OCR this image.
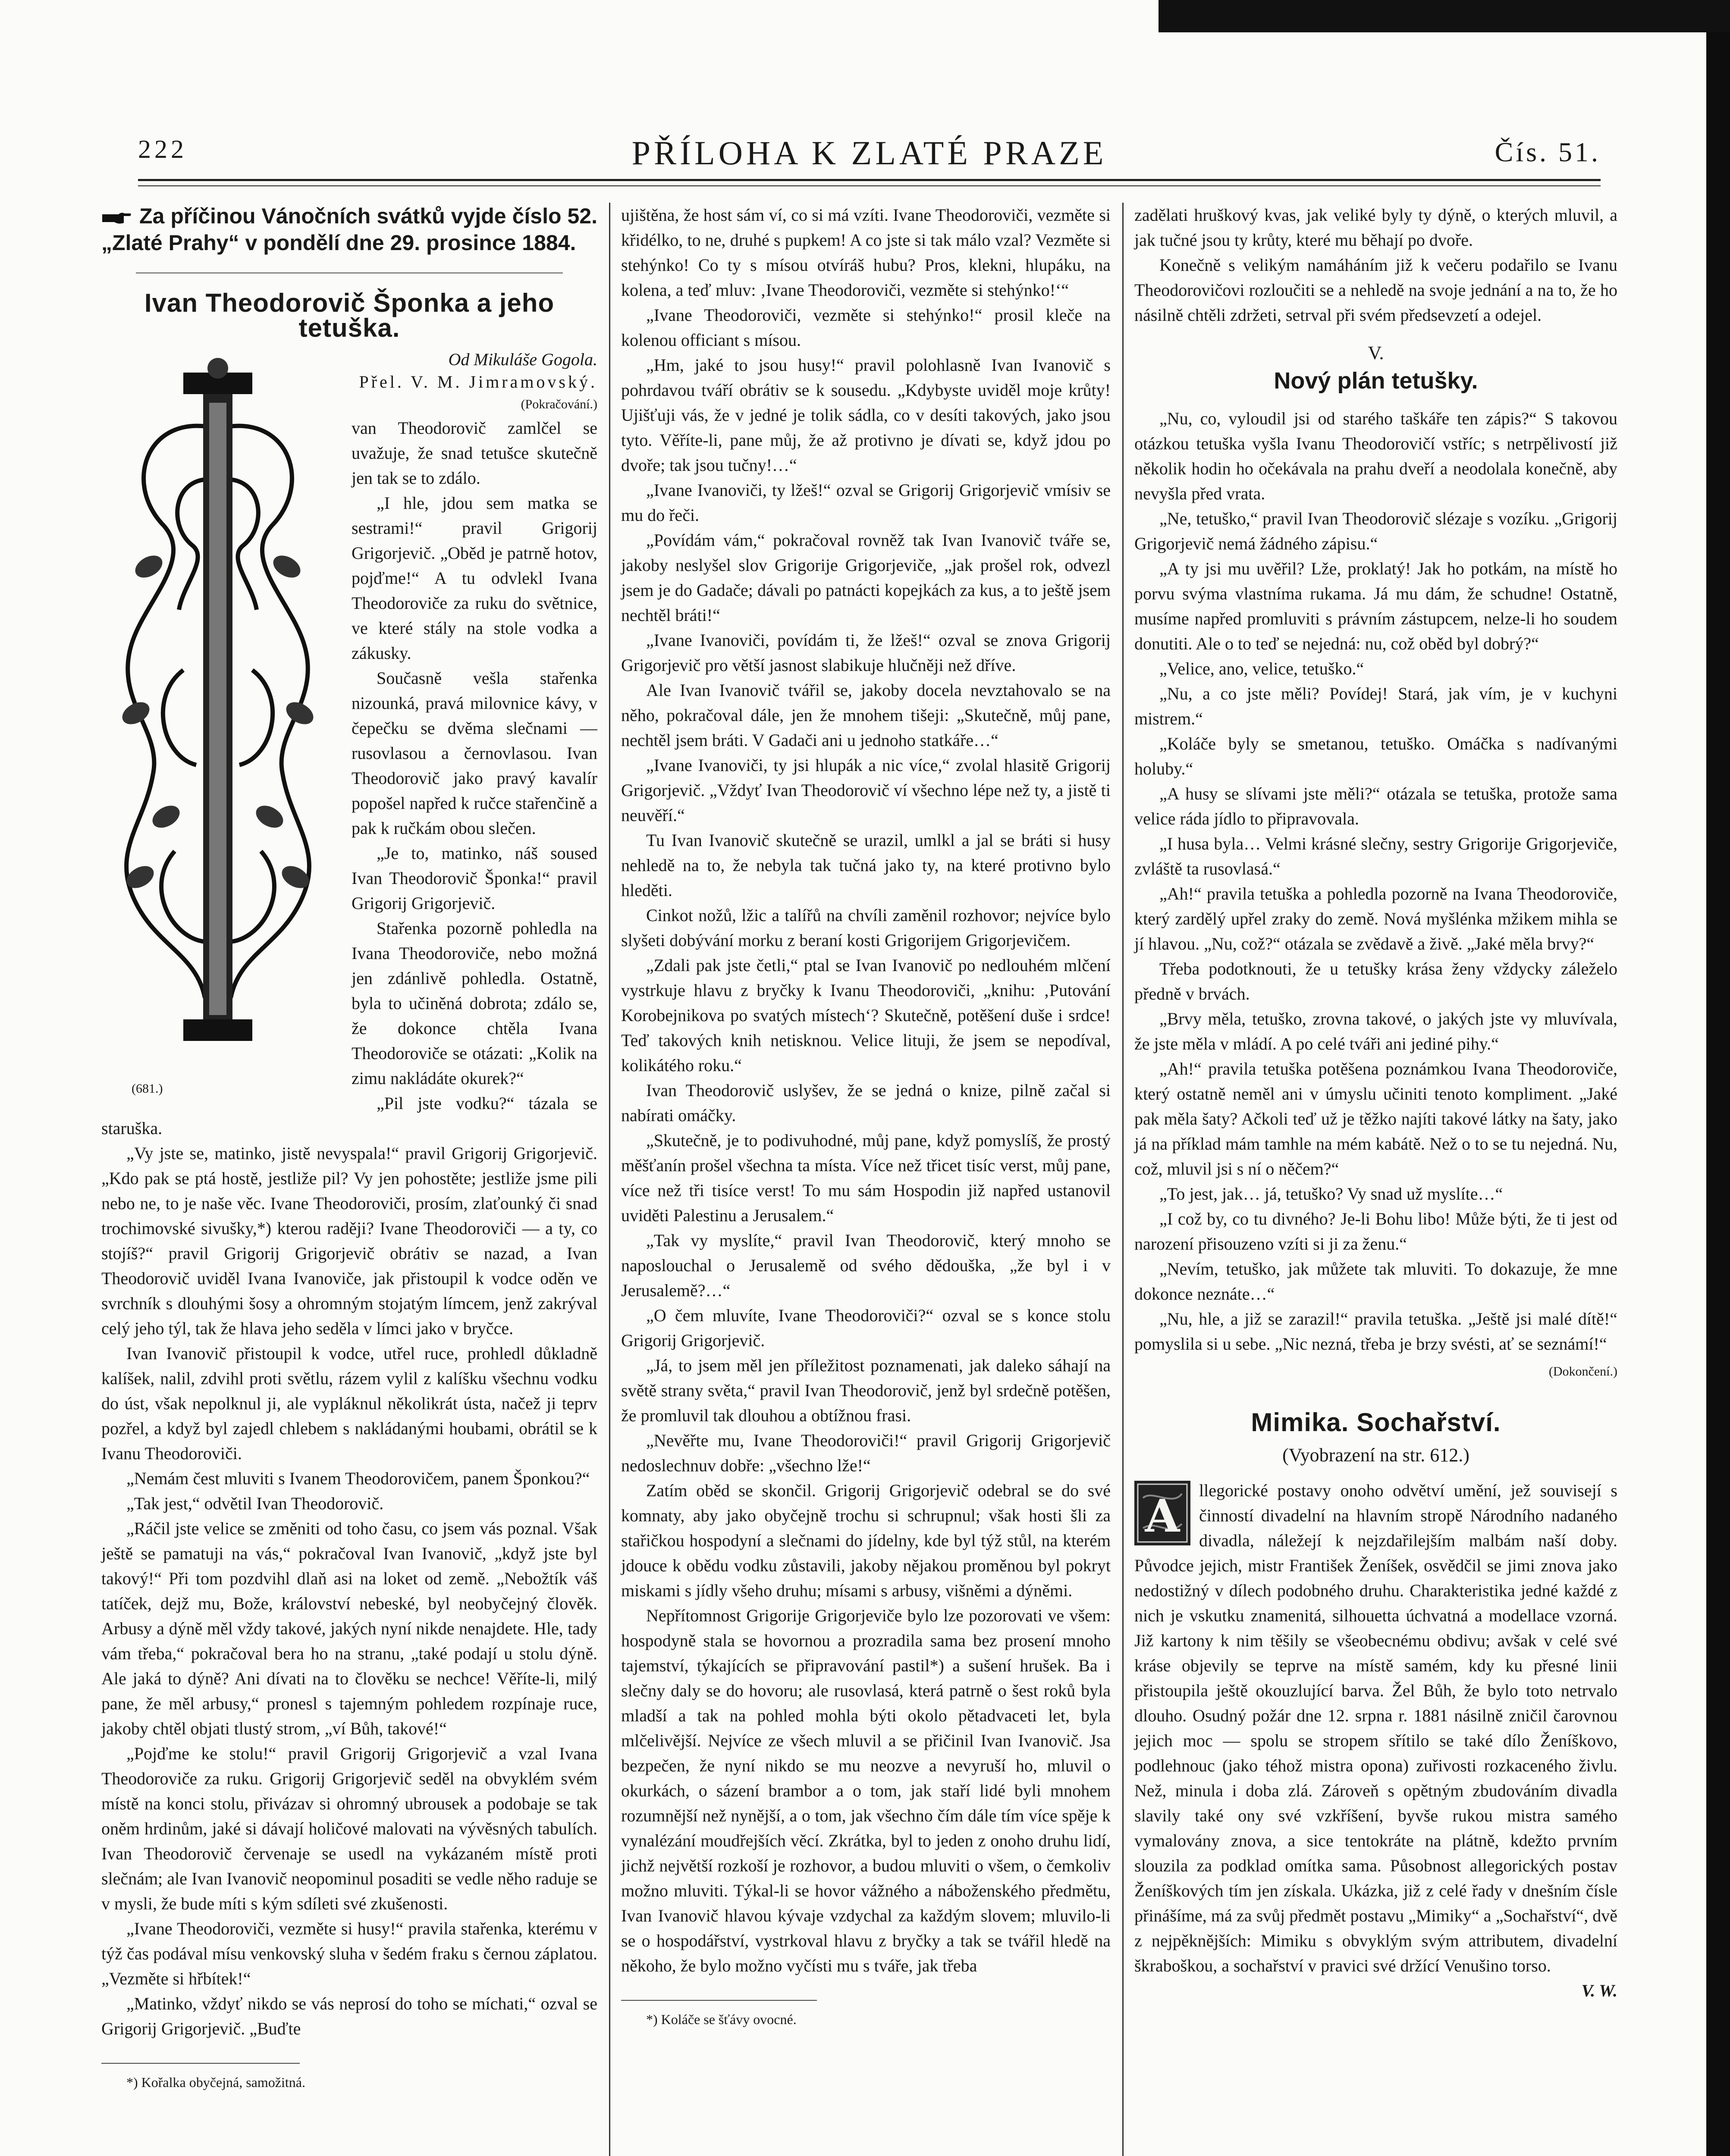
222	PŘÍLOHA K ZLATÉ PRAZE	Čís. 51.
Za příčinou Vánočních svátků vyjde číslo 52. „Zlaté Prahy“ v pondělí dne 29. prosince 1884.
Ivan Theodorovič Šponka a jeho tetuška.
Od Mikuláše Gogola.
Přel. V. M. Jimramovský.
(Pokračování.)
(681.)

van Theodorovič zamlčel se uvažuje, že snad tetušce skutečně jen tak se to zdálo.

„I hle, jdou sem matka se sestrami!“ pravil Grigorij Grigorjevič. „Oběd je patrně hotov, pojďme!“ A tu odvlekl Ivana Theodoroviče za ruku do světnice, ve které stály na stole vodka a zákusky.

Současně vešla stařenka nizounká, pravá milovnice kávy, v čepečku se dvěma slečnami — rusovlasou a černovlasou. Ivan Theodorovič jako pravý kavalír popošel napřed k ručce stařenčině a pak k ručkám obou slečen.

„Je to, matinko, náš soused Ivan Theodorovič Šponka!“ pravil Grigorij Grigorjevič.

Stařenka pozorně pohledla na Ivana Theodoroviče, nebo možná jen zdánlivě pohledla. Ostatně, byla to učiněná dobrota; zdálo se, že dokonce chtěla Ivana Theodoroviče se otázati: „Kolik na zimu nakládáte okurek?“

„Pil jste vodku?“ tázala se staruška.

„Vy jste se, matinko, jistě nevyspala!“ pravil Grigorij Grigorjevič. „Kdo pak se ptá hostě, jestliže pil? Vy jen pohostěte; jestliže jsme pili nebo ne, to je naše věc. Ivane Theodoroviči, prosím, zlaťounký či snad trochimovské sivušky,*) kterou raději? Ivane Theodoroviči — a ty, co stojíš?“ pravil Grigorij Grigorjevič obrátiv se nazad, a Ivan Theodorovič uviděl Ivana Ivanoviče, jak přistoupil k vodce oděn ve svrchník s dlouhými šosy a ohromným stojatým límcem, jenž zakrýval celý jeho týl, tak že hlava jeho seděla v límci jako v bryčce.

Ivan Ivanovič přistoupil k vodce, utřel ruce, prohledl důkladně kalíšek, nalil, zdvihl proti světlu, rázem vylil z kalíšku všechnu vodku do úst, však nepolknul ji, ale vypláknul několikrát ústa, načež ji teprv pozřel, a když byl zajedl chlebem s nakládanými houbami, obrátil se k Ivanu Theodoroviči.

„Nemám čest mluviti s Ivanem Theodorovičem, panem Šponkou?“

„Tak jest,“ odvětil Ivan Theodorovič.

„Ráčil jste velice se změniti od toho času, co jsem vás poznal. Však ještě se pamatuji na vás,“ pokračoval Ivan Ivanovič, „když jste byl takový!“ Při tom pozdvihl dlaň asi na loket od země. „Nebožtík váš tatíček, dejž mu, Bože, království nebeské, byl neobyčejný člověk. Arbusy a dýně měl vždy takové, jakých nyní nikde nenajdete. Hle, tady vám třeba,“ pokračoval bera ho na stranu, „také podají u stolu dýně. Ale jaká to dýně? Ani dívati na to člověku se nechce! Věříte-li, milý pane, že měl arbusy,“ pronesl s tajemným pohledem rozpínaje ruce, jakoby chtěl objati tlustý strom, „ví Bůh, takové!“

„Pojďme ke stolu!“ pravil Grigorij Grigorjevič a vzal Ivana Theodoroviče za ruku. Grigorij Grigorjevič seděl na obvyklém svém místě na konci stolu, přivázav si ohromný ubrousek a podobaje se tak oněm hrdinům, jaké si dávají holičové malovati na vývěsných tabulích. Ivan Theodorovič červenaje se usedl na vykázaném místě proti slečnám; ale Ivan Ivanovič neopominul posaditi se vedle něho raduje se v mysli, že bude míti s kým sdíleti své zkušenosti.

„Ivane Theodoroviči, vezměte si husy!“ pravila stařenka, kterému v týž čas podával mísu venkovský sluha v šedém fraku s černou záplatou. „Vezměte si hřbítek!“

„Matinko, vždyť nikdo se vás neprosí do toho se míchati,“ ozval se Grigorij Grigorjevič. „Buďte

*) Kořalka obyčejná, samožitná.

ujištěna, že host sám ví, co si má vzíti. Ivane Theodoroviči, vezměte si křidélko, to ne, druhé s pupkem! A co jste si tak málo vzal? Vezměte si stehýnko! Co ty s mísou otvíráš hubu? Pros, klekni, hlupáku, na kolena, a teď mluv: ‚Ivane Theodoroviči, vezměte si stehýnko!‘“

„Ivane Theodoroviči, vezměte si stehýnko!“ prosil kleče na kolenou officiant s mísou.

„Hm, jaké to jsou husy!“ pravil polohlasně Ivan Ivanovič s pohrdavou tváří obrátiv se k sousedu. „Kdybyste uviděl moje krůty! Ujišťuji vás, že v jedné je tolik sádla, co v desíti takových, jako jsou tyto. Věříte-li, pane můj, že až protivno je dívati se, když jdou po dvoře; tak jsou tučny!…“

„Ivane Ivanoviči, ty lžeš!“ ozval se Grigorij Grigorjevič vmísiv se mu do řeči.

„Povídám vám,“ pokračoval rovněž tak Ivan Ivanovič tváře se, jakoby neslyšel slov Grigorije Grigorjeviče, „jak prošel rok, odvezl jsem je do Gadače; dávali po patnácti kopejkách za kus, a to ještě jsem nechtěl bráti!“

„Ivane Ivanoviči, povídám ti, že lžeš!“ ozval se znova Grigorij Grigorjevič pro větší jasnost slabikuje hlučněji než dříve.

Ale Ivan Ivanovič tvářil se, jakoby docela nevztahovalo se na něho, pokračoval dále, jen že mnohem tišeji: „Skutečně, můj pane, nechtěl jsem bráti. V Gadači ani u jednoho statkáře…“

„Ivane Ivanoviči, ty jsi hlupák a nic více,“ zvolal hlasitě Grigorij Grigorjevič. „Vždyť Ivan Theodorovič ví všechno lépe než ty, a jistě ti neuvěří.“

Tu Ivan Ivanovič skutečně se urazil, umlkl a jal se bráti si husy nehledě na to, že nebyla tak tučná jako ty, na které protivno bylo hleděti.

Cinkot nožů, lžic a talířů na chvíli zaměnil rozhovor; nejvíce bylo slyšeti dobývání morku z beraní kosti Grigorijem Grigorjevičem.

„Zdali pak jste četli,“ ptal se Ivan Ivanovič po nedlouhém mlčení vystrkuje hlavu z bryčky k Ivanu Theodoroviči, „knihu: ‚Putování Korobejnikova po svatých místech‘? Skutečně, potěšení duše i srdce! Teď takových knih netisknou. Velice lituji, že jsem se nepodíval, kolikátého roku.“

Ivan Theodorovič uslyšev, že se jedná o knize, pilně začal si nabírati omáčky.

„Skutečně, je to podivuhodné, můj pane, když pomyslíš, že prostý měšťanín prošel všechna ta místa. Více než třicet tisíc verst, můj pane, více než tři tisíce verst! To mu sám Hospodin již napřed ustanovil uviděti Palestinu a Jerusalem.“

„Tak vy myslíte,“ pravil Ivan Theodorovič, který mnoho se naposlouchal o Jerusalemě od svého dědouška, „že byl i v Jerusalemě?…“

„O čem mluvíte, Ivane Theodoroviči?“ ozval se s konce stolu Grigorij Grigorjevič.

„Já, to jsem měl jen příležitost poznamenati, jak daleko sáhají na světě strany světa,“ pravil Ivan Theodorovič, jenž byl srdečně potěšen, že promluvil tak dlouhou a obtížnou frasi.

„Nevěřte mu, Ivane Theodoroviči!“ pravil Grigorij Grigorjevič nedoslechnuv dobře: „všechno lže!“

Zatím oběd se skončil. Grigorij Grigorjevič odebral se do své komnaty, aby jako obyčejně trochu si schrupnul; však hosti šli za stařičkou hospodyní a slečnami do jídelny, kde byl týž stůl, na kterém jdouce k obědu vodku zůstavili, jakoby nějakou proměnou byl pokryt miskami s jídly všeho druhu; mísami s arbusy, višněmi a dýněmi.

Nepřítomnost Grigorije Grigorjeviče bylo lze pozorovati ve všem: hospodyně stala se hovornou a prozradila sama bez prosení mnoho tajemství, týkajících se připravování pastil*) a sušení hrušek. Ba i slečny daly se do hovoru; ale rusovlasá, která patrně o šest roků byla mladší a tak na pohled mohla býti okolo pětadvaceti let, byla mlčelivější. Nejvíce ze všech mluvil a se přičinil Ivan Ivanovič. Jsa bezpečen, že nyní nikdo se mu neozve a nevyruší ho, mluvil o okurkách, o sázení brambor a o tom, jak staří lidé byli mnohem rozumnější než nynější, a o tom, jak všechno čím dále tím více spěje k vynalézání moudřejších věcí. Zkrátka, byl to jeden z onoho druhu lidí, jichž největší rozkoší je rozhovor, a budou mluviti o všem, o čemkoliv možno mluviti. Týkal-li se hovor vážného a náboženského předmětu, Ivan Ivanovič hlavou kývaje vzdychal za každým slovem; mluvilo-li se o hospodářství, vystrkoval hlavu z bryčky a tak se tvářil hledě na někoho, že bylo možno vyčísti mu s tváře, jak třeba

*) Koláče se šťávy ovocné.

zadělati hruškový kvas, jak veliké byly ty dýně, o kterých mluvil, a jak tučné jsou ty krůty, které mu běhají po dvoře.

Konečně s velikým namáháním již k večeru podařilo se Ivanu Theodorovičovi rozloučiti se a nehledě na svoje jednání a na to, že ho násilně chtěli zdržeti, setrval při svém předsevzetí a odejel.

V.
Nový plán tetušky.

„Nu, co, vyloudil jsi od starého taškáře ten zápis?“ S takovou otázkou tetuška vyšla Ivanu Theodorovičí vstříc; s netrpělivostí již několik hodin ho očekávala na prahu dveří a neodolala konečně, aby nevyšla před vrata.

„Ne, tetuško,“ pravil Ivan Theodorovič slézaje s vozíku. „Grigorij Grigorjevič nemá žádného zápisu.“

„A ty jsi mu uvěřil? Lže, proklatý! Jak ho potkám, na místě ho porvu svýma vlastníma rukama. Já mu dám, že schudne! Ostatně, musíme napřed promluviti s právním zástupcem, nelze-li ho soudem donutiti. Ale o to teď se nejedná: nu, což oběd byl dobrý?“

„Velice, ano, velice, tetuško.“

„Nu, a co jste měli? Povídej! Stará, jak vím, je v kuchyni mistrem.“

„Koláče byly se smetanou, tetuško. Omáčka s nadívanými holuby.“

„A husy se slívami jste měli?“ otázala se tetuška, protože sama velice ráda jídlo to připravovala.

„I husa byla… Velmi krásné slečny, sestry Grigorije Grigorjeviče, zvláště ta rusovlasá.“

„Ah!“ pravila tetuška a pohledla pozorně na Ivana Theodoroviče, který zardělý upřel zraky do země. Nová myšlénka mžikem mihla se jí hlavou. „Nu, což?“ otázala se zvědavě a živě. „Jaké měla brvy?“

Třeba podotknouti, že u tetušky krása ženy vždycky záleželo předně v brvách.

„Brvy měla, tetuško, zrovna takové, o jakých jste vy mluvívala, že jste měla v mládí. A po celé tváři ani jediné pihy.“

„Ah!“ pravila tetuška potěšena poznámkou Ivana Theodoroviče, který ostatně neměl ani v úmyslu učiniti tenoto kompliment. „Jaké pak měla šaty? Ačkoli teď už je těžko najíti takové látky na šaty, jako já na příklad mám tamhle na mém kabátě. Než o to se tu nejedná. Nu, což, mluvil jsi s ní o něčem?“

„To jest, jak… já, tetuško? Vy snad už myslíte…“

„I což by, co tu divného? Je-li Bohu libo! Může býti, že ti jest od narození přisouzeno vzíti si ji za ženu.“

„Nevím, tetuško, jak můžete tak mluviti. To dokazuje, že mne dokonce neznáte…“

„Nu, hle, a již se zarazil!“ pravila tetuška. „Ještě jsi malé dítě!“ pomyslila si u sebe. „Nic nezná, třeba je brzy svésti, ať se seznámí!“

(Dokončení.)
Mimika. Sochařství.
(Vyobrazení na str. 612.)
A	llegorické postavy onoho odvětví umění, jež souvisejí s činností divadelní na hlavním stropě Národního nadaného divadla, náležejí k nejzdařilejším malbám naší doby. Původce jejich, mistr František Ženíšek, osvědčil se jimi znova jako nedostižný v dílech podobného druhu. Charakteristika jedné každé z nich je vskutku znamenitá, silhouetta úchvatná a modellace vzorná. Již kartony k nim těšily se všeobecnému obdivu; avšak v celé své kráse objevily se teprve na místě samém, kdy ku přesné linii přistoupila ještě okouzlující barva. Žel Bůh, že bylo toto netrvalo dlouho. Osudný požár dne 12. srpna r. 1881 násilně zničil čarovnou jejich moc — spolu se stropem sřítilo se také dílo Ženíškovo, podlehnouc (jako téhož mistra opona) zuřivosti rozkaceného živlu. Než, minula i doba zlá. Zároveň s opětným zbudováním divadla slavily také ony své vzkříšení, byvše rukou mistra samého vymalovány znova, a sice tentokráte na plátně, kdežto prvním slouzila za podklad omítka sama. Působnost allegorických postav Ženíškových tím jen získala. Ukázka, již z celé řady v dnešním čísle přinášíme, má za svůj předmět postavu „Mimiky“ a „Sochařství“, dvě z nejpěknějších: Mimiku s obvyklým svým attributem, divadelní škraboškou, a sochařství v pravici své držící Venušino torso.

V. W.
